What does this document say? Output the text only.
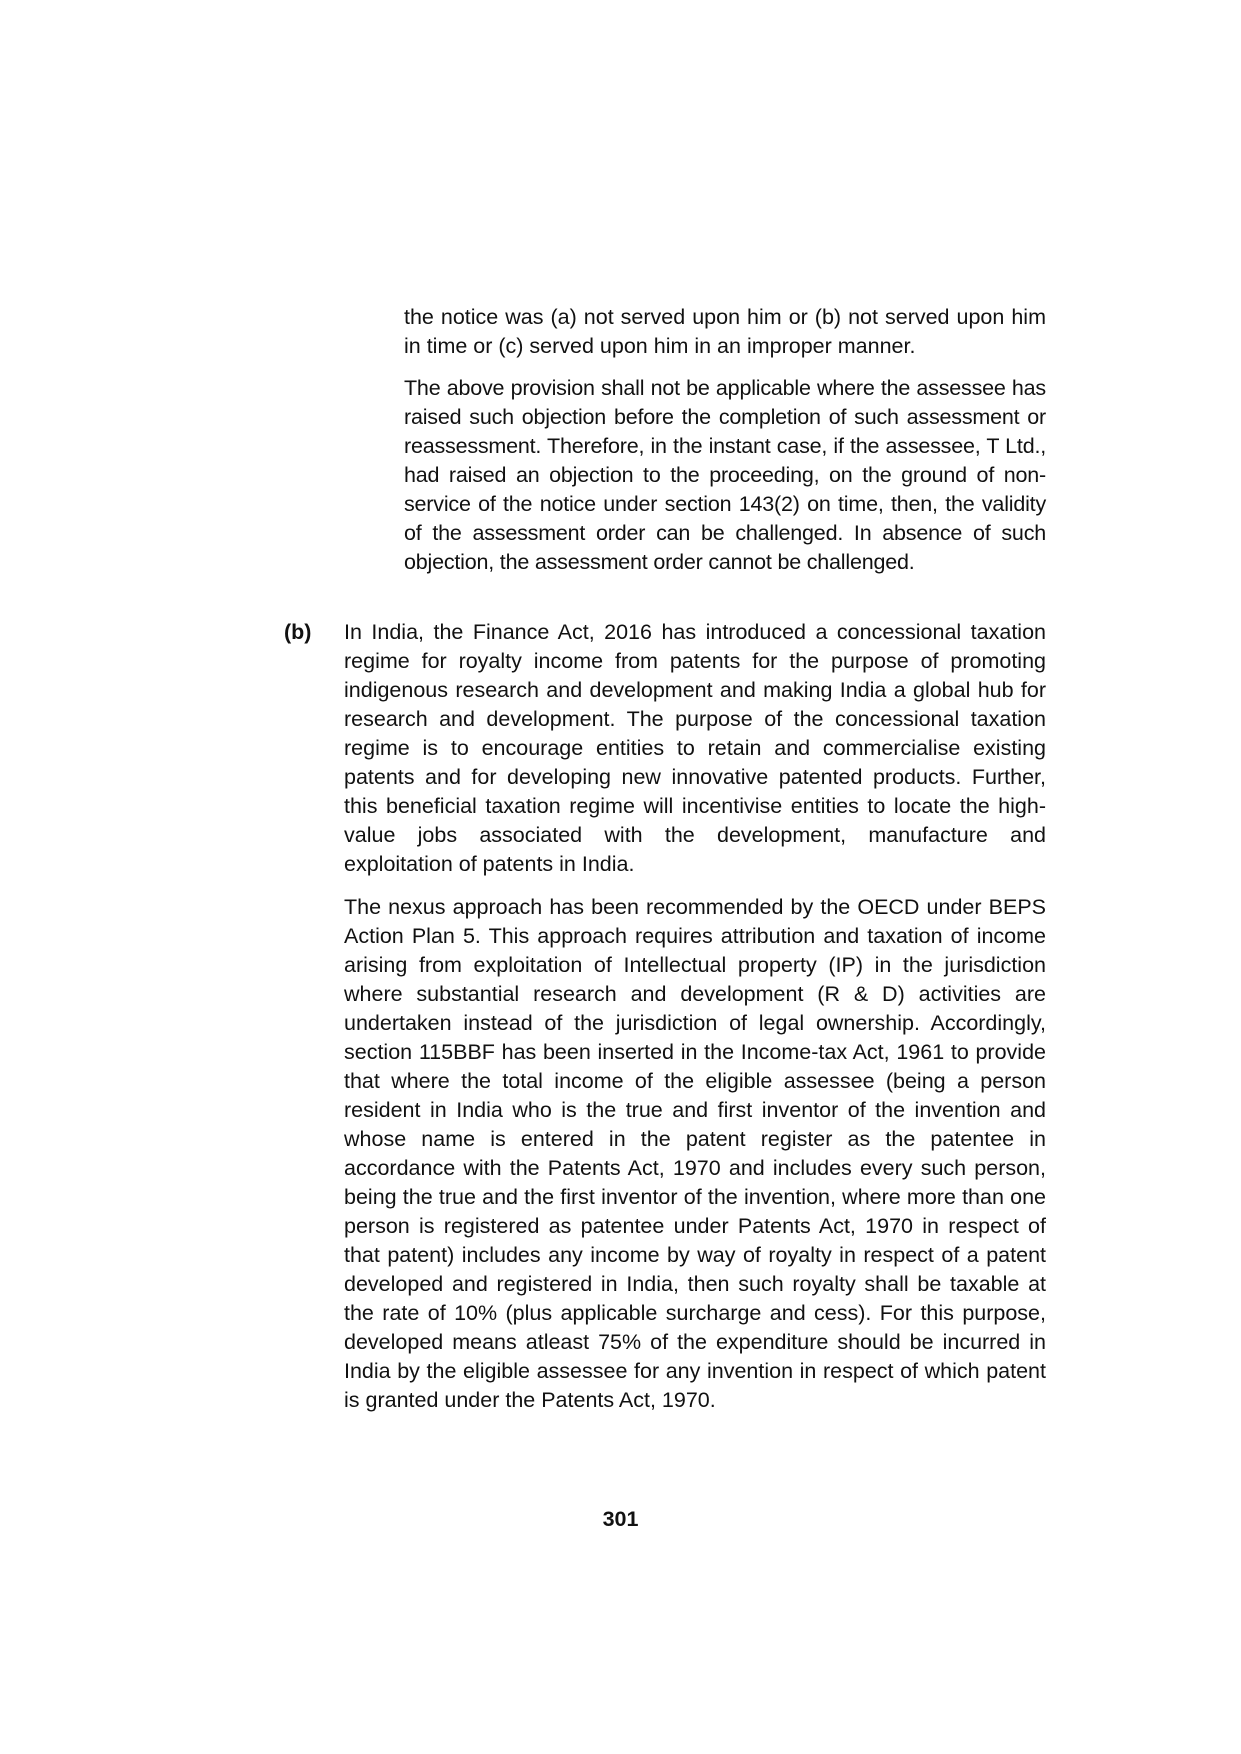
the notice was (a) not served upon him or (b) not served upon him in time or (c) served upon him in an improper manner.

The above provision shall not be applicable where the assessee has raised such objection before the completion of such assessment or reassessment. Therefore, in the instant case, if the assessee, T Ltd., had raised an objection to the proceeding, on the ground of non-service of the notice under section 143(2) on time, then, the validity of the assessment order can be challenged. In absence of such objection, the assessment order cannot be challenged.

(b) In India, the Finance Act, 2016 has introduced a concessional taxation regime for royalty income from patents for the purpose of promoting indigenous research and development and making India a global hub for research and development. The purpose of the concessional taxation regime is to encourage entities to retain and commercialise existing patents and for developing new innovative patented products. Further, this beneficial taxation regime will incentivise entities to locate the high-value jobs associated with the development, manufacture and exploitation of patents in India.

The nexus approach has been recommended by the OECD under BEPS Action Plan 5. This approach requires attribution and taxation of income arising from exploitation of Intellectual property (IP) in the jurisdiction where substantial research and development (R & D) activities are undertaken instead of the jurisdiction of legal ownership. Accordingly, section 115BBF has been inserted in the Income-tax Act, 1961 to provide that where the total income of the eligible assessee (being a person resident in India who is the true and first inventor of the invention and whose name is entered in the patent register as the patentee in accordance with the Patents Act, 1970 and includes every such person, being the true and the first inventor of the invention, where more than one person is registered as patentee under Patents Act, 1970 in respect of that patent) includes any income by way of royalty in respect of a patent developed and registered in India, then such royalty shall be taxable at the rate of 10% (plus applicable surcharge and cess). For this purpose, developed means atleast 75% of the expenditure should be incurred in India by the eligible assessee for any invention in respect of which patent is granted under the Patents Act, 1970.

301
